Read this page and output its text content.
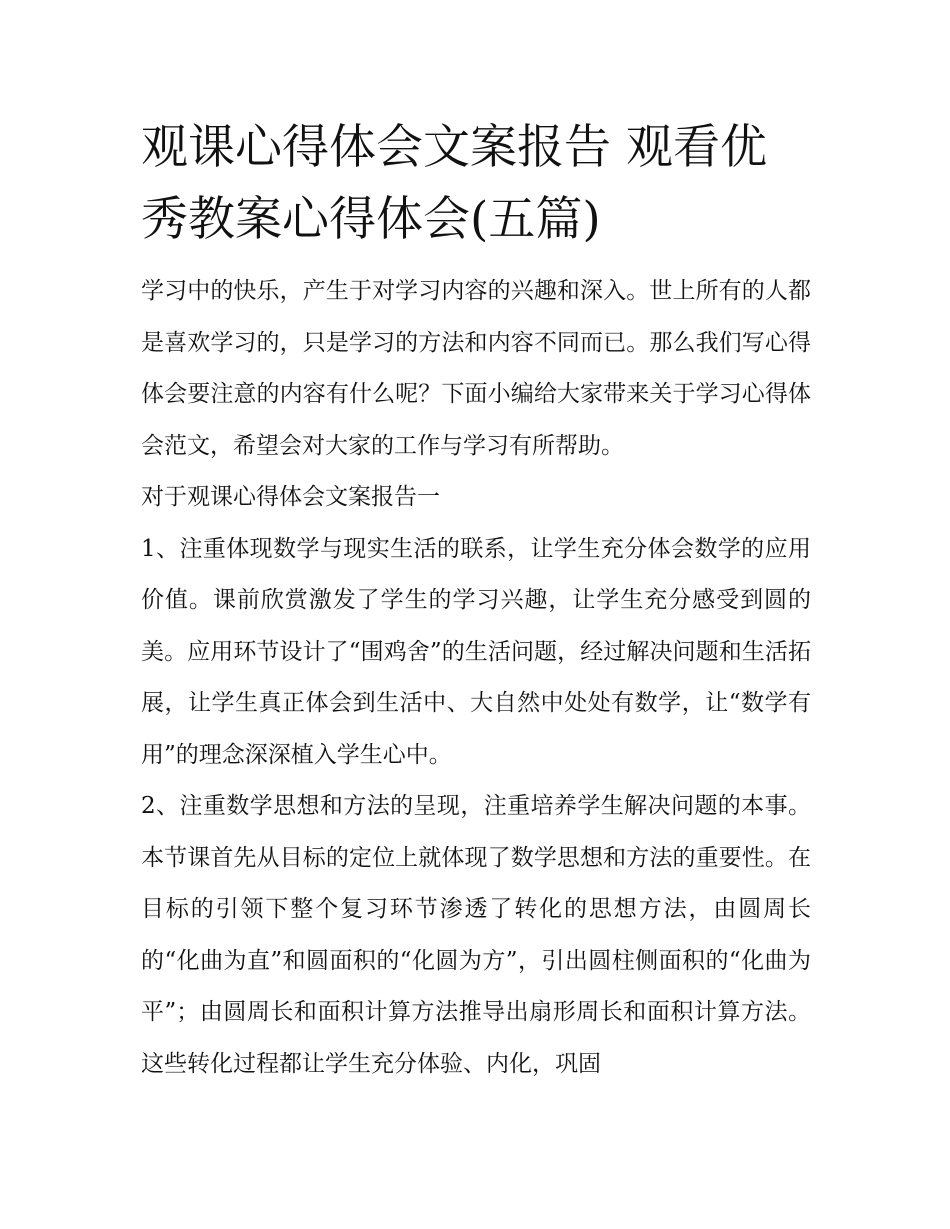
观课心得体会文案报告 观看优秀教案心得体会(五篇)

学习中的快乐，产生于对学习内容的兴趣和深入。世上所有的人都是喜欢学习的，只是学习的方法和内容不同而已。那么我们写心得体会要注意的内容有什么呢？下面小编给大家带来关于学习心得体会范文，希望会对大家的工作与学习有所帮助。

对于观课心得体会文案报告一

1、注重体现数学与现实生活的联系，让学生充分体会数学的应用价值。课前欣赏激发了学生的学习兴趣，让学生充分感受到圆的美。应用环节设计了“围鸡舍”的生活问题，经过解决问题和生活拓展，让学生真正体会到生活中、大自然中处处有数学，让“数学有用”的理念深深植入学生心中。

2、注重数学思想和方法的呈现，注重培养学生解决问题的本事。本节课首先从目标的定位上就体现了数学思想和方法的重要性。在目标的引领下整个复习环节渗透了转化的思想方法，由圆周长的“化曲为直”和圆面积的“化圆为方”，引出圆柱侧面积的“化曲为平”；由圆周长和面积计算方法推导出扇形周长和面积计算方法。这些转化过程都让学生充分体验、内化，巩固
